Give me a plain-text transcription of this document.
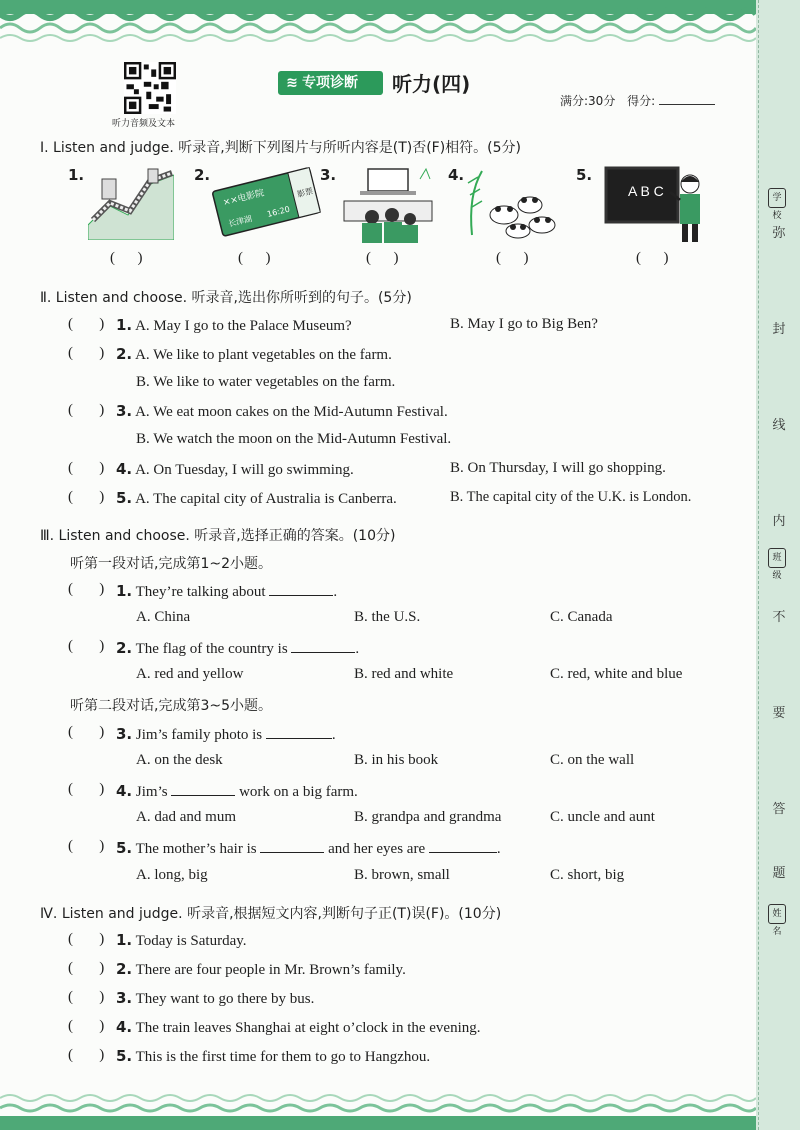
学校
弥
封
线
内
班级
不
要
答
题
姓名
听力音频及文本
≋ 专项诊断	听力(四)
满分:30分 得分:
Ⅰ. Listen and judge. 听录音,判断下列图片与所听内容是(T)否(F)相符。(5分)
1.	2.
××电影院
长津湖
16:20
影票
3.	4.	5.
A B C
(      )	(      )	(      )	(      )	(      )
Ⅱ. Listen and choose. 听录音,选出你所听到的句子。(5分)
(       ) 1. A. May I go to the Palace Museum?	B. May I go to Big Ben?
(       ) 2. A. We like to plant vegetables on the farm.
B. We like to water vegetables on the farm.
(       ) 3. A. We eat moon cakes on the Mid-Autumn Festival.
B. We watch the moon on the Mid-Autumn Festival.
(       ) 4. A. On Tuesday, I will go swimming.	B. On Thursday, I will go shopping.
(       ) 5. A. The capital city of Australia is Canberra.	B. The capital city of the U.K. is London.
Ⅲ. Listen and choose. 听录音,选择正确的答案。(10分)
听第一段对话,完成第1~2小题。
(       ) 1. They’re talking about	.
A. China	B. the U.S.	C. Canada
(       ) 2. The flag of the country is	.
A. red and yellow	B. red and white	C. red, white and blue
听第二段对话,完成第3~5小题。
(       ) 3. Jim’s family photo is	.
A. on the desk	B. in his book	C. on the wall
(       ) 4. Jim’s	work on a big farm.
A. dad and mum	B. grandpa and grandma	C. uncle and aunt
(       ) 5. The mother’s hair is	and her eyes are	.
A. long, big	B. brown, small	C. short, big
Ⅳ. Listen and judge. 听录音,根据短文内容,判断句子正(T)误(F)。(10分)
(       ) 1. Today is Saturday.
(       ) 2. There are four people in Mr. Brown’s family.
(       ) 3. They want to go there by bus.
(       ) 4. The train leaves Shanghai at eight o’clock in the evening.
(       ) 5. This is the first time for them to go to Hangzhou.
